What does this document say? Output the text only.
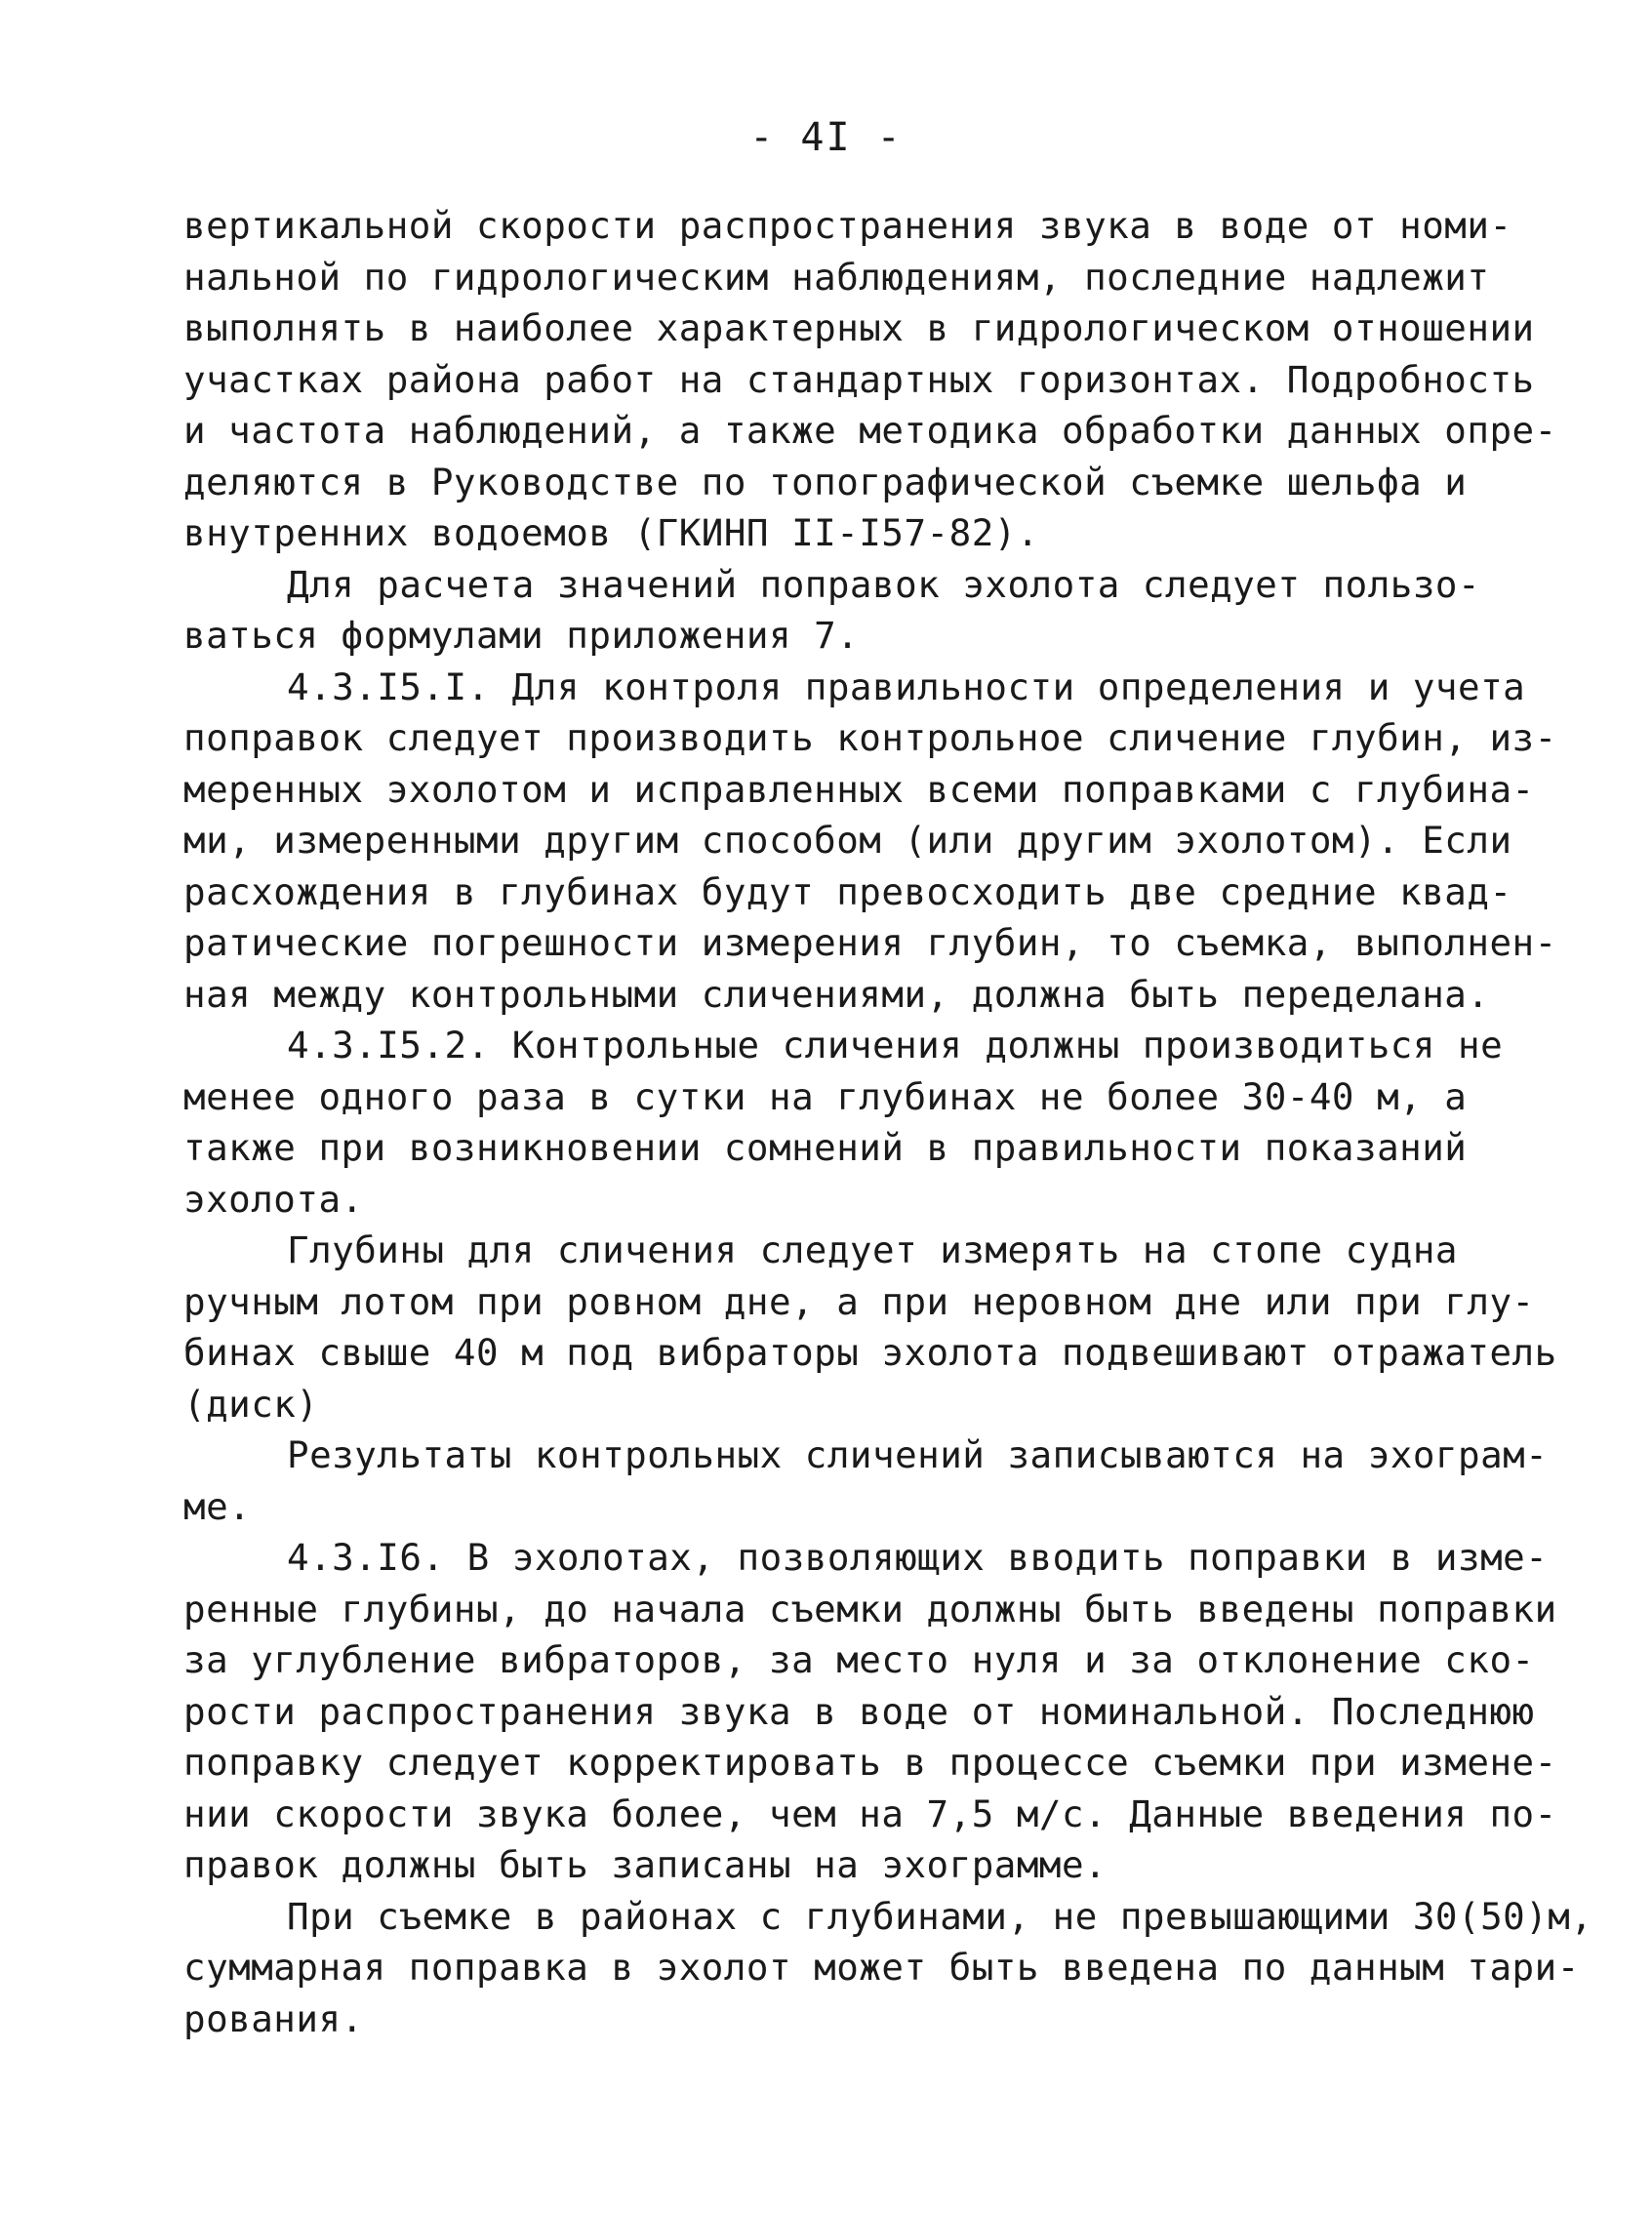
- 4I -
вертикальной скорости распространения звука в воде от номи-
нальной по гидрологическим наблюдениям, последние надлежит
выполнять в наиболее характерных в гидрологическом отношении
участках района работ на стандартных горизонтах. Подробность
и частота наблюдений, а также методика обработки данных опре-
деляются в Руководстве по топографической съемке шельфа и
внутренних водоемов (ГКИНП II-I57-82).
Для расчета значений поправок эхолота следует пользо-
ваться формулами приложения 7.
4.3.I5.I. Для контроля правильности определения и учета
поправок следует производить контрольное сличение глубин, из-
меренных эхолотом и исправленных всеми поправками с глубина-
ми, измеренными другим способом (или другим эхолотом). Если
расхождения в глубинах будут превосходить две средние квад-
ратические погрешности измерения глубин, то съемка, выполнен-
ная между контрольными сличениями, должна быть переделана.
4.3.I5.2. Контрольные сличения должны производиться не
менее одного раза в сутки на глубинах не более 30-40 м, а
также при возникновении сомнений в правильности показаний
эхолота.
Глубины для сличения следует измерять на стопе судна
ручным лотом при ровном дне, а при неровном дне или при глу-
бинах свыше 40 м под вибраторы эхолота подвешивают отражатель
(диск)
Результаты контрольных сличений записываются на эхограм-
ме.
4.3.I6. В эхолотах, позволяющих вводить поправки в изме-
ренные глубины, до начала съемки должны быть введены поправки
за углубление вибраторов, за место нуля и за отклонение ско-
рости распространения звука в воде от номинальной. Последнюю
поправку следует корректировать в процессе съемки при измене-
нии скорости звука более, чем на 7,5 м/с. Данные введения по-
правок должны быть записаны на эхограмме.
При съемке в районах с глубинами, не превышающими 30(50)м,
суммарная поправка в эхолот может быть введена по данным тари-
рования.
